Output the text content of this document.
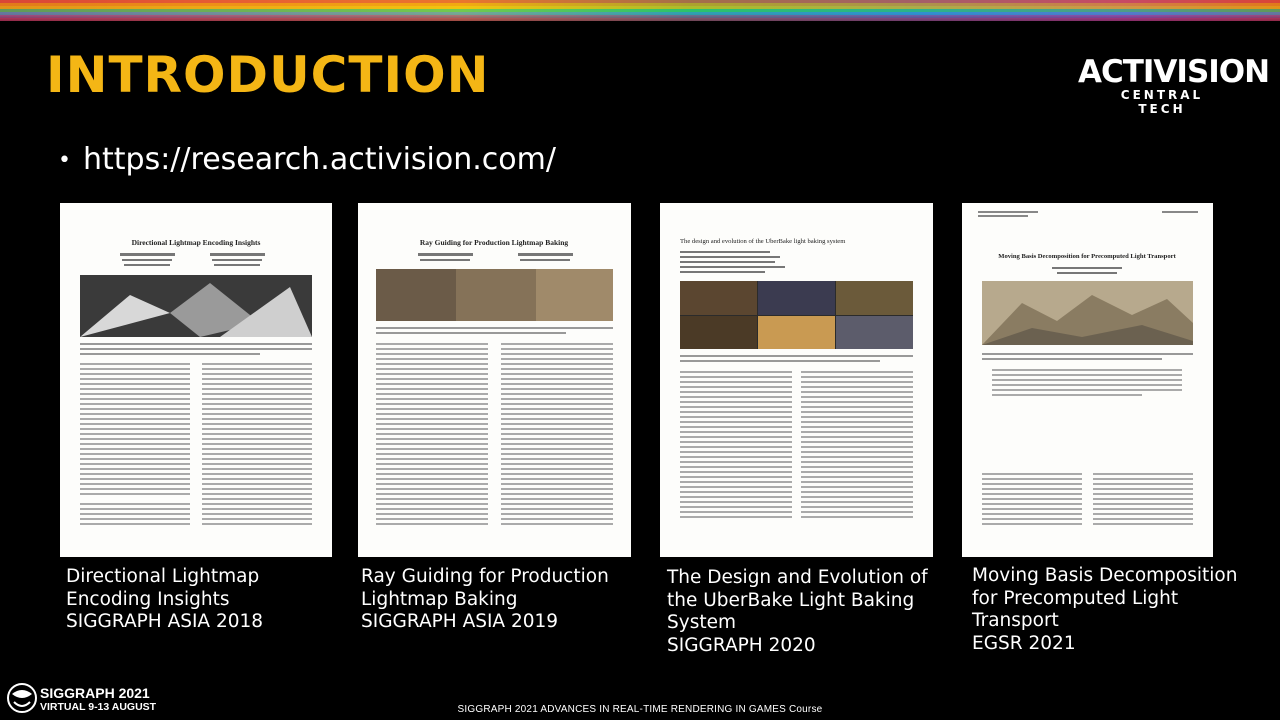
INTRODUCTION	ACTIVISION
CENTRAL TECH
• https://research.activision.com/
Directional Lightmap Encoding Insights	Ray Guiding for Production Lightmap Baking	The design and evolution of the UberBake light baking system
Moving Basis Decomposition for Precomputed Light Transport
Directional Lightmap
Encoding Insights
SIGGRAPH ASIA 2018
Ray Guiding for Production
Lightmap Baking
SIGGRAPH ASIA 2019
The Design and Evolution of
the UberBake Light Baking
System
SIGGRAPH 2020
Moving Basis Decomposition
for Precomputed Light
Transport
EGSR 2021
SIGGRAPH 2021
VIRTUAL 9-13 AUGUST	SIGGRAPH 2021 ADVANCES IN REAL-TIME RENDERING IN GAMES Course
